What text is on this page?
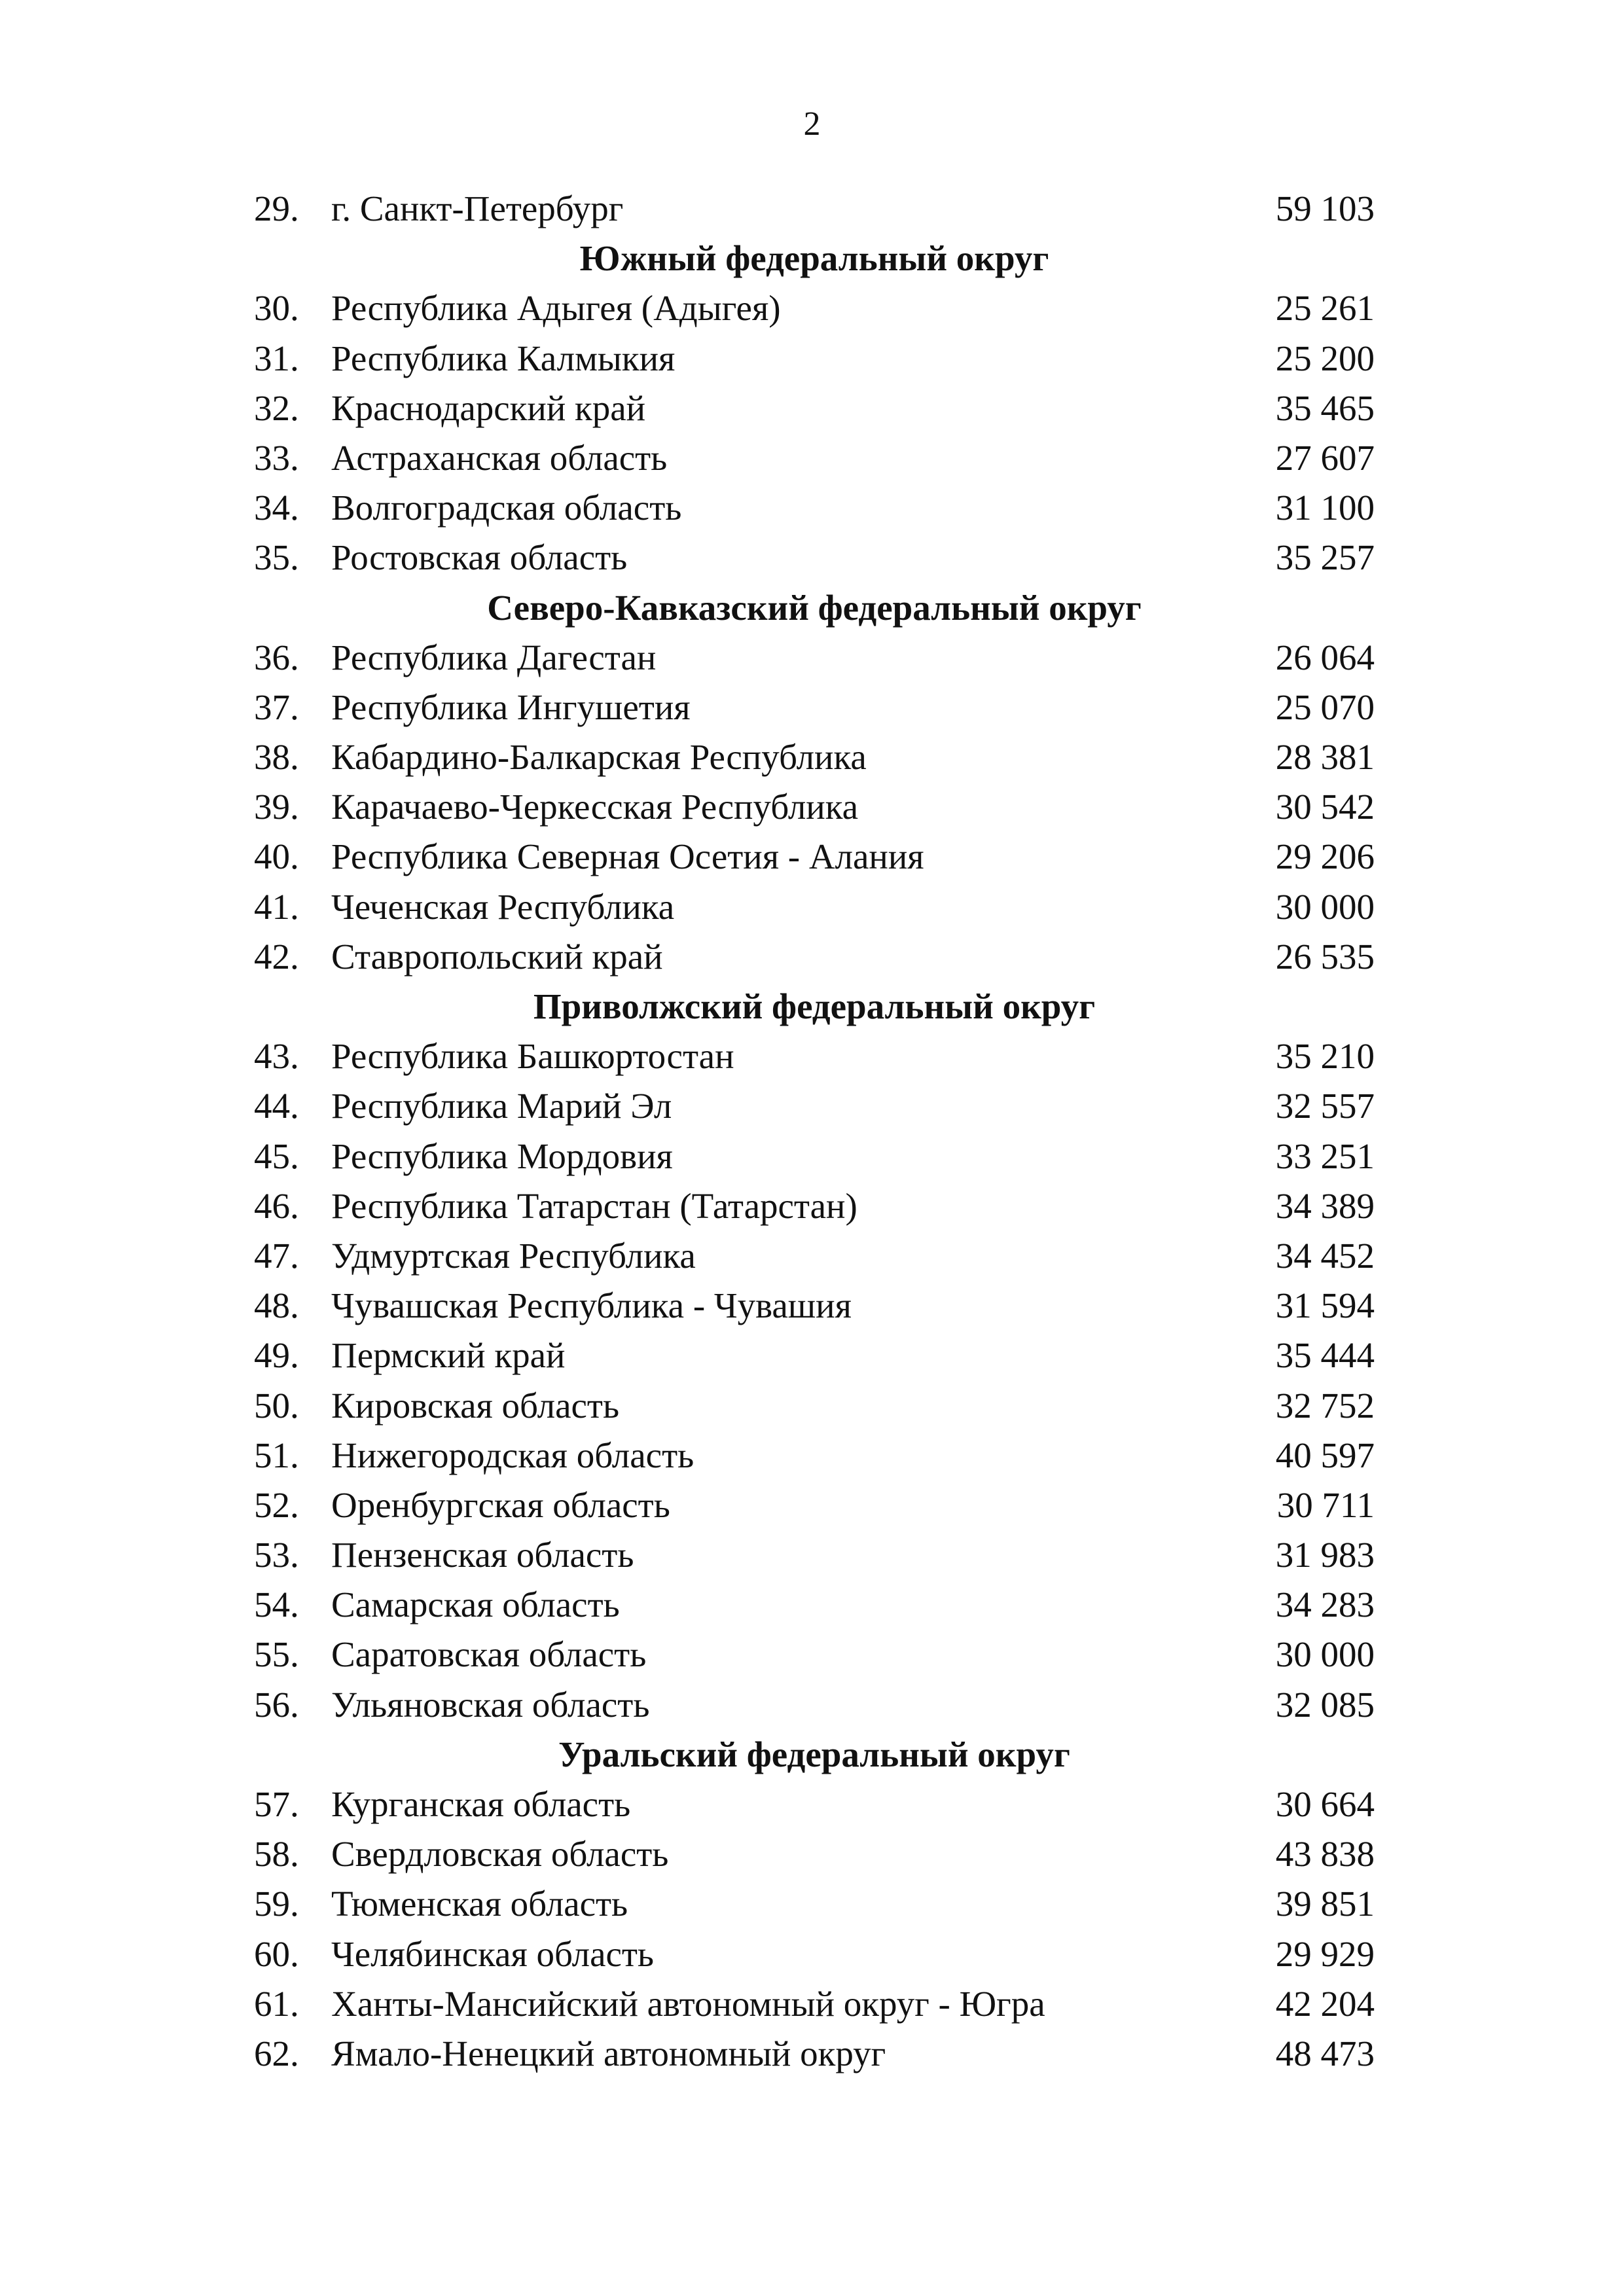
2
29. г. Санкт-Петербург	59 103
Южный федеральный округ
30. Республика Адыгея (Адыгея)	25 261
31. Республика Калмыкия	25 200
32. Краснодарский край	35 465
33. Астраханская область	27 607
34. Волгоградская область	31 100
35. Ростовская область	35 257
Северо-Кавказский федеральный округ
36. Республика Дагестан	26 064
37. Республика Ингушетия	25 070
38. Кабардино-Балкарская Республика	28 381
39. Карачаево-Черкесская Республика	30 542
40. Республика Северная Осетия - Алания	29 206
41. Чеченская Республика	30 000
42. Ставропольский край	26 535
Приволжский федеральный округ
43. Республика Башкортостан	35 210
44. Республика Марий Эл	32 557
45. Республика Мордовия	33 251
46. Республика Татарстан (Татарстан)	34 389
47. Удмуртская Республика	34 452
48. Чувашская Республика - Чувашия	31 594
49. Пермский край	35 444
50. Кировская область	32 752
51. Нижегородская область	40 597
52. Оренбургская область	30 711
53. Пензенская область	31 983
54. Самарская область	34 283
55. Саратовская область	30 000
56. Ульяновская область	32 085
Уральский федеральный округ
57. Курганская область	30 664
58. Свердловская область	43 838
59. Тюменская область	39 851
60. Челябинская область	29 929
61. Ханты-Мансийский автономный округ - Югра	42 204
62. Ямало-Ненецкий автономный округ	48 473
